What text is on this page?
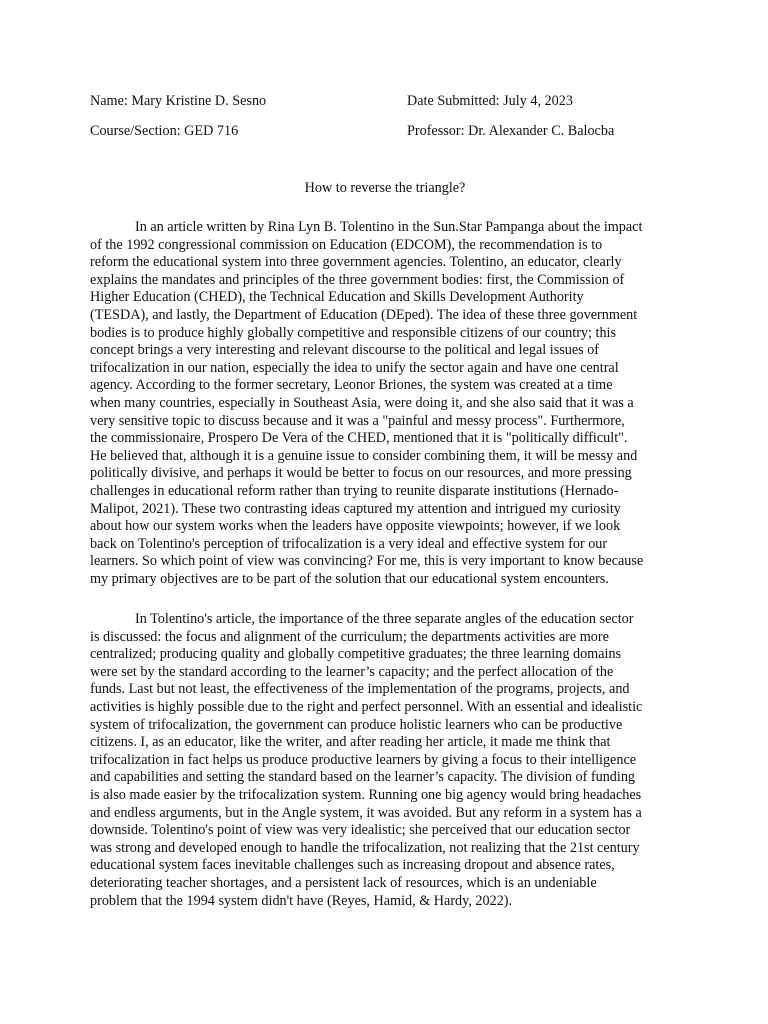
Name: Mary Kristine D. Sesno	Date Submitted: July 4, 2023
Course/Section: GED 716	Professor: Dr. Alexander C. Balocba
How to reverse the triangle?
In an article written by Rina Lyn B. Tolentino in the Sun.Star Pampanga about the impact
of the 1992 congressional commission on Education (EDCOM), the recommendation is to
reform the educational system into three government agencies. Tolentino, an educator, clearly
explains the mandates and principles of the three government bodies: first, the Commission of
Higher Education (CHED), the Technical Education and Skills Development Authority
(TESDA), and lastly, the Department of Education (DEped). The idea of these three government
bodies is to produce highly globally competitive and responsible citizens of our country; this
concept brings a very interesting and relevant discourse to the political and legal issues of
trifocalization in our nation, especially the idea to unify the sector again and have one central
agency. According to the former secretary, Leonor Briones, the system was created at a time
when many countries, especially in Southeast Asia, were doing it, and she also said that it was a
very sensitive topic to discuss because and it was a "painful and messy process". Furthermore,
the commissionaire, Prospero De Vera of the CHED, mentioned that it is "politically difficult".
He believed that, although it is a genuine issue to consider combining them, it will be messy and
politically divisive, and perhaps it would be better to focus on our resources, and more pressing
challenges in educational reform rather than trying to reunite disparate institutions (Hernado-
Malipot, 2021). These two contrasting ideas captured my attention and intrigued my curiosity
about how our system works when the leaders have opposite viewpoints; however, if we look
back on Tolentino's perception of trifocalization is a very ideal and effective system for our
learners. So which point of view was convincing? For me, this is very important to know because
my primary objectives are to be part of the solution that our educational system encounters.
In Tolentino's article, the importance of the three separate angles of the education sector
is discussed: the focus and alignment of the curriculum; the departments activities are more
centralized; producing quality and globally competitive graduates; the three learning domains
were set by the standard according to the learner’s capacity; and the perfect allocation of the
funds. Last but not least, the effectiveness of the implementation of the programs, projects, and
activities is highly possible due to the right and perfect personnel. With an essential and idealistic
system of trifocalization, the government can produce holistic learners who can be productive
citizens. I, as an educator, like the writer, and after reading her article, it made me think that
trifocalization in fact helps us produce productive learners by giving a focus to their intelligence
and capabilities and setting the standard based on the learner’s capacity. The division of funding
is also made easier by the trifocalization system. Running one big agency would bring headaches
and endless arguments, but in the Angle system, it was avoided. But any reform in a system has a
downside. Tolentino's point of view was very idealistic; she perceived that our education sector
was strong and developed enough to handle the trifocalization, not realizing that the 21st century
educational system faces inevitable challenges such as increasing dropout and absence rates,
deteriorating teacher shortages, and a persistent lack of resources, which is an undeniable
problem that the 1994 system didn't have (Reyes, Hamid, & Hardy, 2022).
